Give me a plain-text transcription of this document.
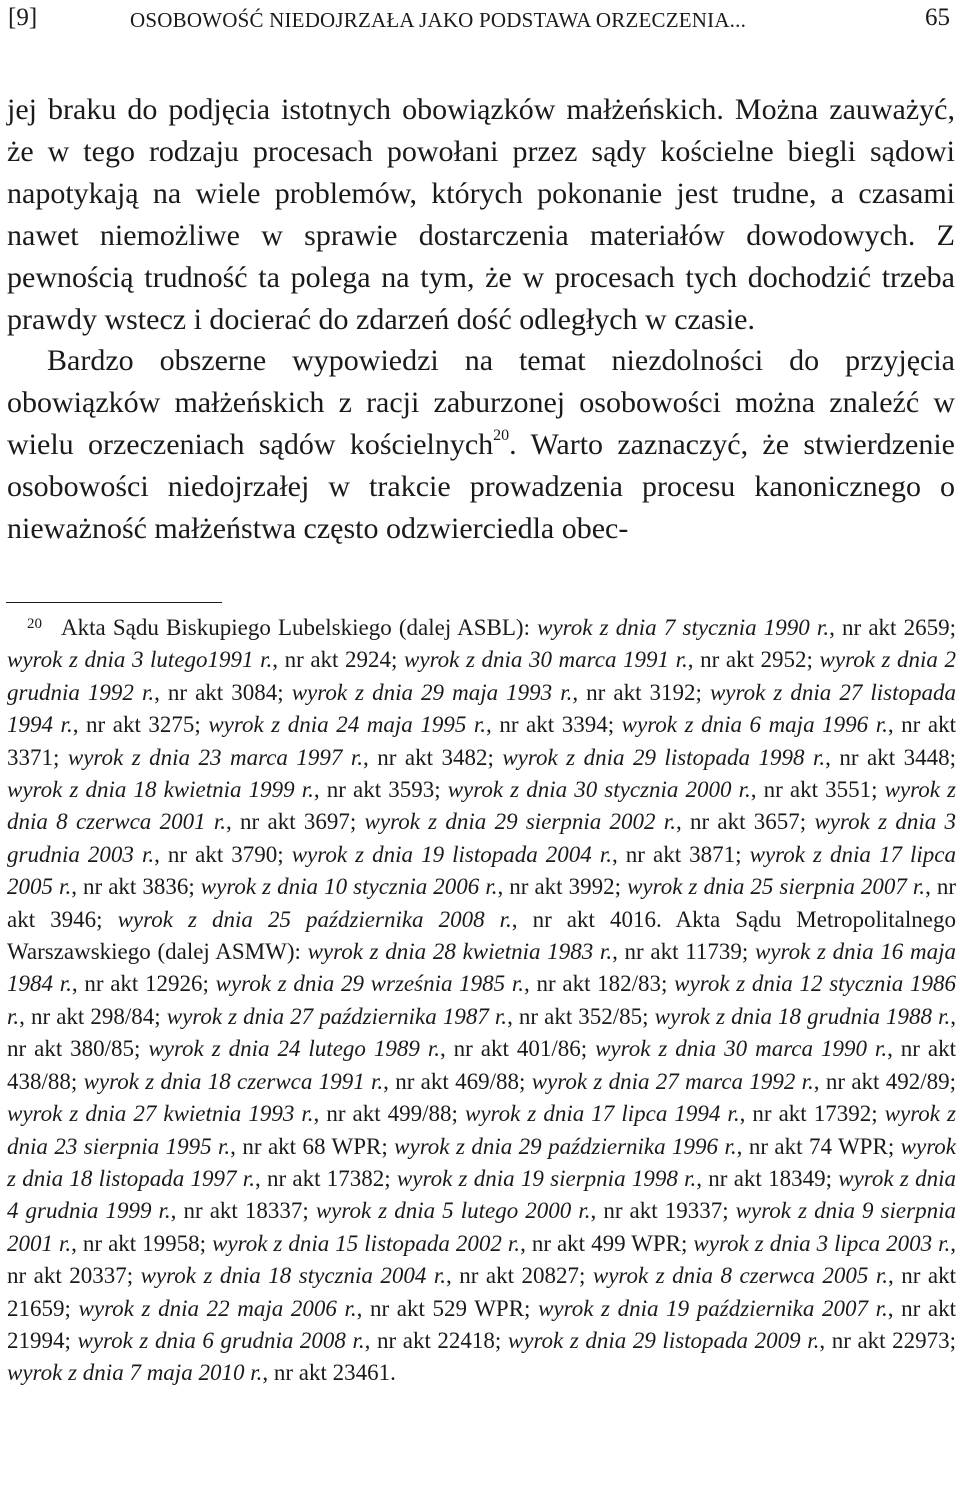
[9]	OSOBOWOŚĆ NIEDOJRZAŁA JAKO PODSTAWA ORZECZENIA...	65

jej braku do podjęcia istotnych obowiązków małżeńskich. Można zauważyć, że w tego rodzaju procesach powołani przez sądy kościelne biegli sądowi napotykają na wiele problemów, których pokonanie jest trudne, a czasami nawet niemożliwe w sprawie dostarczenia materiałów dowodowych. Z pewnością trudność ta polega na tym, że w procesach tych dochodzić trzeba prawdy wstecz i docierać do zdarzeń dość odległych w czasie.

Bardzo obszerne wypowiedzi na temat niezdolności do przyjęcia obowiązków małżeńskich z racji zaburzonej osobowości można znaleźć w wielu orzeczeniach sądów kościelnych$^{20}$. Warto zaznaczyć, że stwierdzenie osobowości niedojrzałej w trakcie prowadzenia procesu kanonicznego o nieważność małżeństwa często odzwierciedla obec-

20 Akta Sądu Biskupiego Lubelskiego (dalej ASBL): wyrok z dnia 7 stycznia 1990 r., nr akt 2659; wyrok z dnia 3 lutego1991 r., nr akt 2924; wyrok z dnia 30 marca 1991 r., nr akt 2952; wyrok z dnia 2 grudnia 1992 r., nr akt 3084; wyrok z dnia 29 maja 1993 r., nr akt 3192; wyrok z dnia 27 listopada 1994 r., nr akt 3275; wyrok z dnia 24 maja 1995 r., nr akt 3394; wyrok z dnia 6 maja 1996 r., nr akt 3371; wyrok z dnia 23 marca 1997 r., nr akt 3482; wyrok z dnia 29 listopada 1998 r., nr akt 3448; wyrok z dnia 18 kwietnia 1999 r., nr akt 3593; wyrok z dnia 30 stycznia 2000 r., nr akt 3551; wyrok z dnia 8 czerwca 2001 r., nr akt 3697; wyrok z dnia 29 sierpnia 2002 r., nr akt 3657; wyrok z dnia 3 grudnia 2003 r., nr akt 3790; wyrok z dnia 19 listopada 2004 r., nr akt 3871; wyrok z dnia 17 lipca 2005 r., nr akt 3836; wyrok z dnia 10 stycznia 2006 r., nr akt 3992; wyrok z dnia 25 sierpnia 2007 r., nr akt 3946; wyrok z dnia 25 października 2008 r., nr akt 4016. Akta Sądu Metropolitalnego Warszawskiego (dalej ASMW): wyrok z dnia 28 kwietnia 1983 r., nr akt 11739; wyrok z dnia 16 maja 1984 r., nr akt 12926; wyrok z dnia 29 września 1985 r., nr akt 182/83; wyrok z dnia 12 stycznia 1986 r., nr akt 298/84; wyrok z dnia 27 października 1987 r., nr akt 352/85; wyrok z dnia 18 grudnia 1988 r., nr akt 380/85; wyrok z dnia 24 lutego 1989 r., nr akt 401/86; wyrok z dnia 30 marca 1990 r., nr akt 438/88; wyrok z dnia 18 czerwca 1991 r., nr akt 469/88; wyrok z dnia 27 marca 1992 r., nr akt 492/89; wyrok z dnia 27 kwietnia 1993 r., nr akt 499/88; wyrok z dnia 17 lipca 1994 r., nr akt 17392; wyrok z dnia 23 sierpnia 1995 r., nr akt 68 WPR; wyrok z dnia 29 października 1996 r., nr akt 74 WPR; wyrok z dnia 18 listopada 1997 r., nr akt 17382; wyrok z dnia 19 sierpnia 1998 r., nr akt 18349; wyrok z dnia 4 grudnia 1999 r., nr akt 18337; wyrok z dnia 5 lutego 2000 r., nr akt 19337; wyrok z dnia 9 sierpnia 2001 r., nr akt 19958; wyrok z dnia 15 listopada 2002 r., nr akt 499 WPR; wyrok z dnia 3 lipca 2003 r., nr akt 20337; wyrok z dnia 18 stycznia 2004 r., nr akt 20827; wyrok z dnia 8 czerwca 2005 r., nr akt 21659; wyrok z dnia 22 maja 2006 r., nr akt 529 WPR; wyrok z dnia 19 października 2007 r., nr akt 21994; wyrok z dnia 6 grudnia 2008 r., nr akt 22418; wyrok z dnia 29 listopada 2009 r., nr akt 22973; wyrok z dnia 7 maja 2010 r., nr akt 23461.
